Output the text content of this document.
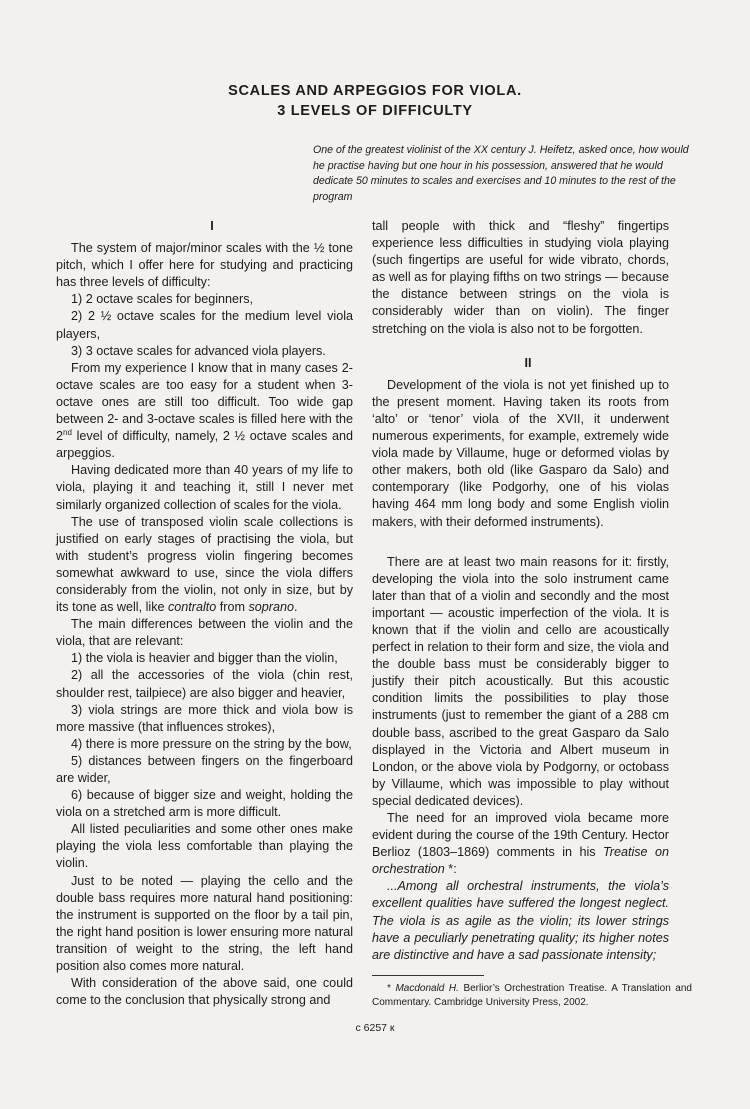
SCALES AND ARPEGGIOS FOR VIOLA.
3 LEVELS OF DIFFICULTY
One of the greatest violinist of the XX century J. Heifetz, asked once, how would he practise having but one hour in his possession, answered that he would dedicate 50 minutes to scales and exercises and 10 minutes to the rest of the program

I

The system of major/minor scales with the ½ tone pitch, which I offer here for studying and practicing has three levels of difficulty:

1) 2 octave scales for beginners,

2) 2 ½ octave scales for the medium level viola players,

3) 3 octave scales for advanced viola players.

From my experience I know that in many cases 2-octave scales are too easy for a student when 3-octave ones are still too difficult. Too wide gap between 2- and 3-octave scales is filled here with the 2nd level of difficulty, namely, 2 ½ octave scales and arpeggios.

Having dedicated more than 40 years of my life to viola, playing it and teaching it, still I never met similarly organized collection of scales for the viola.

The use of transposed violin scale collections is justified on early stages of practising the viola, but with student’s progress violin fingering becomes somewhat awkward to use, since the viola differs considerably from the violin, not only in size, but by its tone as well, like contralto from soprano.

The main differences between the violin and the viola, that are relevant:

1) the viola is heavier and bigger than the violin,

2) all the accessories of the viola (chin rest, shoulder rest, tailpiece) are also bigger and heavier,

3) viola strings are more thick and viola bow is more massive (that influences strokes),

4) there is more pressure on the string by the bow,

5) distances between fingers on the fingerboard are wider,

6) because of bigger size and weight, holding the viola on a stretched arm is more difficult.

All listed peculiarities and some other ones make playing the viola less comfortable than playing the violin.

Just to be noted — playing the cello and the double bass requires more natural hand positioning: the instrument is supported on the floor by a tail pin, the right hand position is lower ensuring more natural transition of weight to the string, the left hand position also comes more natural.

With consideration of the above said, one could come to the conclusion that physically strong and

tall people with thick and “fleshy” fingertips experience less difficulties in studying viola playing (such fingertips are useful for wide vibrato, chords, as well as for playing fifths on two strings — because the distance between strings on the viola is considerably wider than on violin). The finger stretching on the viola is also not to be forgotten.

II

Development of the viola is not yet finished up to the present moment. Having taken its roots from ‘alto’ or ‘tenor’ viola of the XVII, it underwent numerous experiments, for example, extremely wide viola made by Villaume, huge or deformed violas by other makers, both old (like Gasparo da Salo) and contemporary (like Podgorhy, one of his violas having 464 mm long body and some English violin makers, with their deformed instruments).

There are at least two main reasons for it: firstly, developing the viola into the solo instrument came later than that of a violin and secondly and the most important — acoustic imperfection of the viola. It is known that if the violin and cello are acoustically perfect in relation to their form and size, the viola and the double bass must be considerably bigger to justify their pitch acoustically. But this acoustic condition limits the possibilities to play those instruments (just to remember the giant of a 288 cm double bass, ascribed to the great Gasparo da Salo displayed in the Victoria and Albert museum in London, or the above viola by Podgorny, or octobass by Villaume, which was impossible to play without special dedicated devices).

The need for an improved viola became more evident during the course of the 19th Century. Hector Berlioz (1803–1869) comments in his Treatise on orchestration *:

...Among all orchestral instruments, the viola’s excellent qualities have suffered the longest neglect. The viola is as agile as the violin; its lower strings have a peculiarly penetrating quality; its higher notes are distinctive and have a sad passionate intensity;

* Macdonald H. Berlior’s Orchestration Treatise. A Translation and Commentary. Cambridge University Press, 2002.
с 6257 к
